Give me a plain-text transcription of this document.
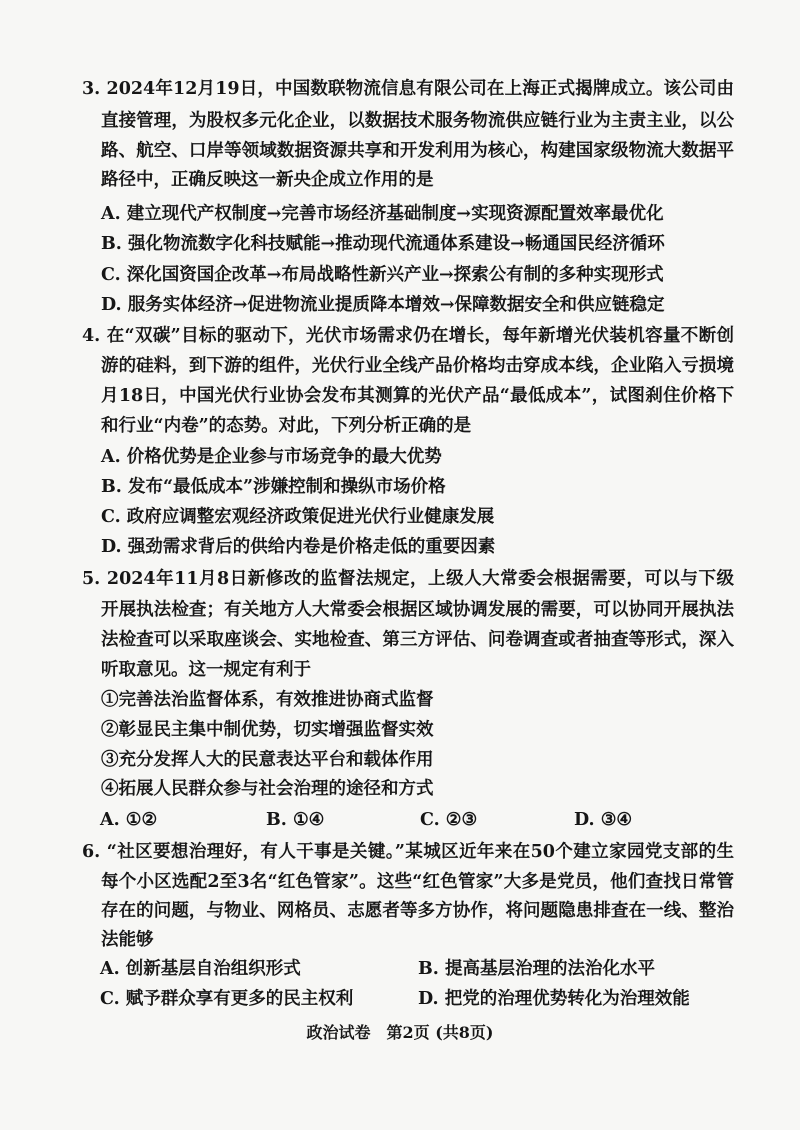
3. 2024年12月19日，中国数联物流信息有限公司在上海正式揭牌成立。该公司由
直接管理，为股权多元化企业，以数据技术服务物流供应链行业为主责主业，以公
路、航空、口岸等领域数据资源共享和开发利用为核心，构建国家级物流大数据平
路径中，正确反映这一新央企成立作用的是
A. 建立现代产权制度→完善市场经济基础制度→实现资源配置效率最优化
B. 强化物流数字化科技赋能→推动现代流通体系建设→畅通国民经济循环
C. 深化国资国企改革→布局战略性新兴产业→探索公有制的多种实现形式
D. 服务实体经济→促进物流业提质降本增效→保障数据安全和供应链稳定
4. 在“双碳”目标的驱动下，光伏市场需求仍在增长，每年新增光伏装机容量不断创
游的硅料，到下游的组件，光伏行业全线产品价格均击穿成本线，企业陷入亏损境
月18日，中国光伏行业协会发布其测算的光伏产品“最低成本”，试图刹住价格下
和行业“内卷”的态势。对此，下列分析正确的是
A. 价格优势是企业参与市场竞争的最大优势
B. 发布“最低成本”涉嫌控制和操纵市场价格
C. 政府应调整宏观经济政策促进光伏行业健康发展
D. 强劲需求背后的供给内卷是价格走低的重要因素
5. 2024年11月8日新修改的监督法规定，上级人大常委会根据需要，可以与下级
开展执法检查；有关地方人大常委会根据区域协调发展的需要，可以协同开展执法
法检查可以采取座谈会、实地检查、第三方评估、问卷调查或者抽查等形式，深入
听取意见。这一规定有利于
①完善法治监督体系，有效推进协商式监督
②彰显民主集中制优势，切实增强监督实效
③充分发挥人大的民意表达平台和载体作用
④拓展人民群众参与社会治理的途径和方式
A. ①②	B. ①④	C. ②③	D. ③④
6. “社区要想治理好，有人干事是关键。”某城区近年来在50个建立家园党支部的生
每个小区选配2至3名“红色管家”。这些“红色管家”大多是党员，他们查找日常管
存在的问题，与物业、网格员、志愿者等多方协作，将问题隐患排查在一线、整治
法能够
A. 创新基层自治组织形式	B. 提高基层治理的法治化水平
C. 赋予群众享有更多的民主权利	D. 把党的治理优势转化为治理效能
政治试卷　第2页 (共8页)
